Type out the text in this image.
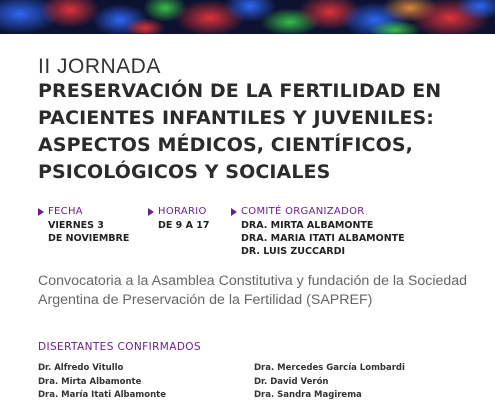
II JORNADA
PRESERVACIÓN DE LA FERTILIDAD EN
PACIENTES INFANTILES Y JUVENILES:
ASPECTOS MÉDICOS, CIENTÍFICOS,
PSICOLÓGICOS Y SOCIALES
FECHA
VIERNES 3
DE NOVIEMBRE
HORARIO
DE 9 A 17
COMITÉ ORGANIZADOR
DRA. MIRTA ALBAMONTE
DRA. MARIA ITATI ALBAMONTE
DR. LUIS ZUCCARDI
Convocatoria a la Asamblea Constitutiva y fundación de la Sociedad Argentina de Preservación de la Fertilidad (SAPREF)
DISERTANTES CONFIRMADOS
Dr. Alfredo Vitullo
Dra. Mirta Albamonte
Dra. María Itati Albamonte
Dra. Mercedes García Lombardi
Dr. David Verón
Dra. Sandra Magirema
